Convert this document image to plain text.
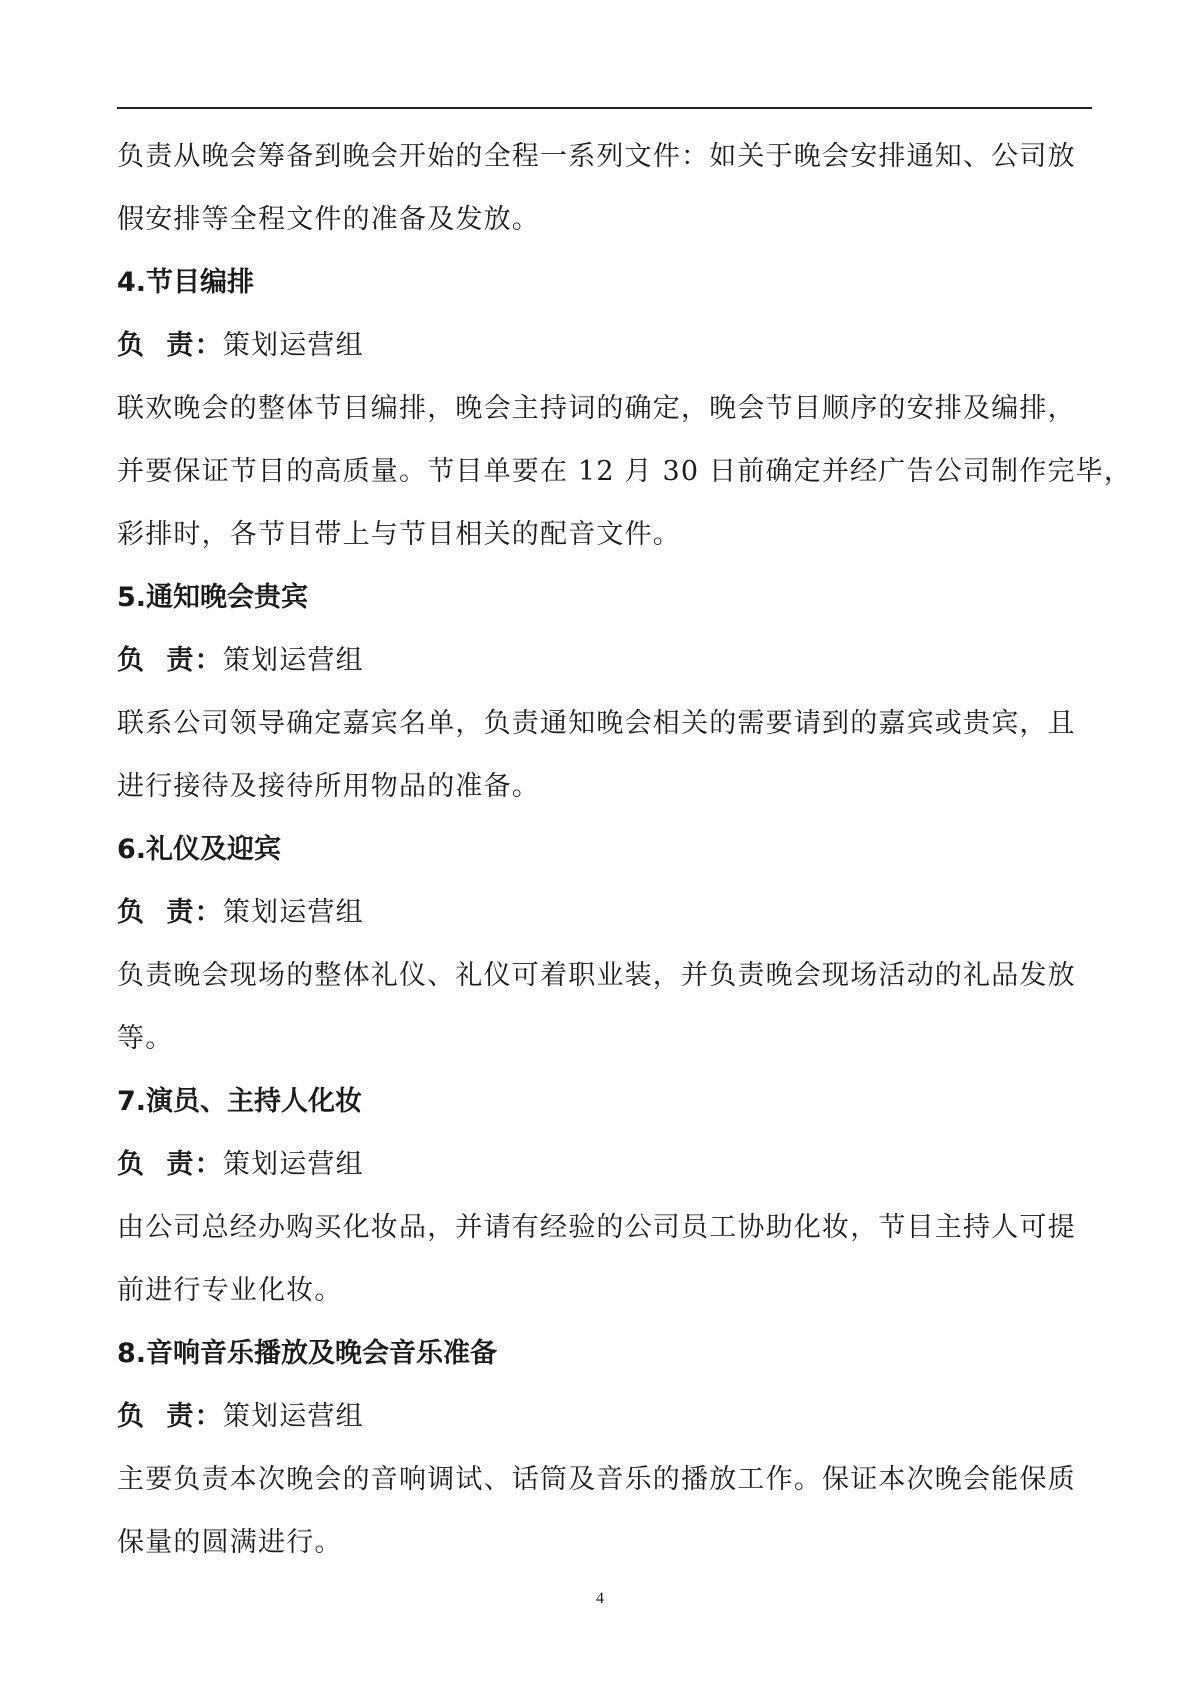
负责从晚会筹备到晚会开始的全程一系列文件：如关于晚会安排通知、公司放
假安排等全程文件的准备及发放。
4.节目编排
负  责：策划运营组
联欢晚会的整体节目编排，晚会主持词的确定，晚会节目顺序的安排及编排，
并要保证节目的高质量。节目单要在 12 月 30 日前确定并经广告公司制作完毕，
彩排时，各节目带上与节目相关的配音文件。
5.通知晚会贵宾
负  责：策划运营组
联系公司领导确定嘉宾名单，负责通知晚会相关的需要请到的嘉宾或贵宾，且
进行接待及接待所用物品的准备。
6.礼仪及迎宾
负  责：策划运营组
负责晚会现场的整体礼仪、礼仪可着职业装，并负责晚会现场活动的礼品发放
等。
7.演员、主持人化妆
负  责：策划运营组
由公司总经办购买化妆品，并请有经验的公司员工协助化妆，节目主持人可提
前进行专业化妆。
8.音响音乐播放及晚会音乐准备
负  责：策划运营组
主要负责本次晚会的音响调试、话筒及音乐的播放工作。保证本次晚会能保质
保量的圆满进行。
4
